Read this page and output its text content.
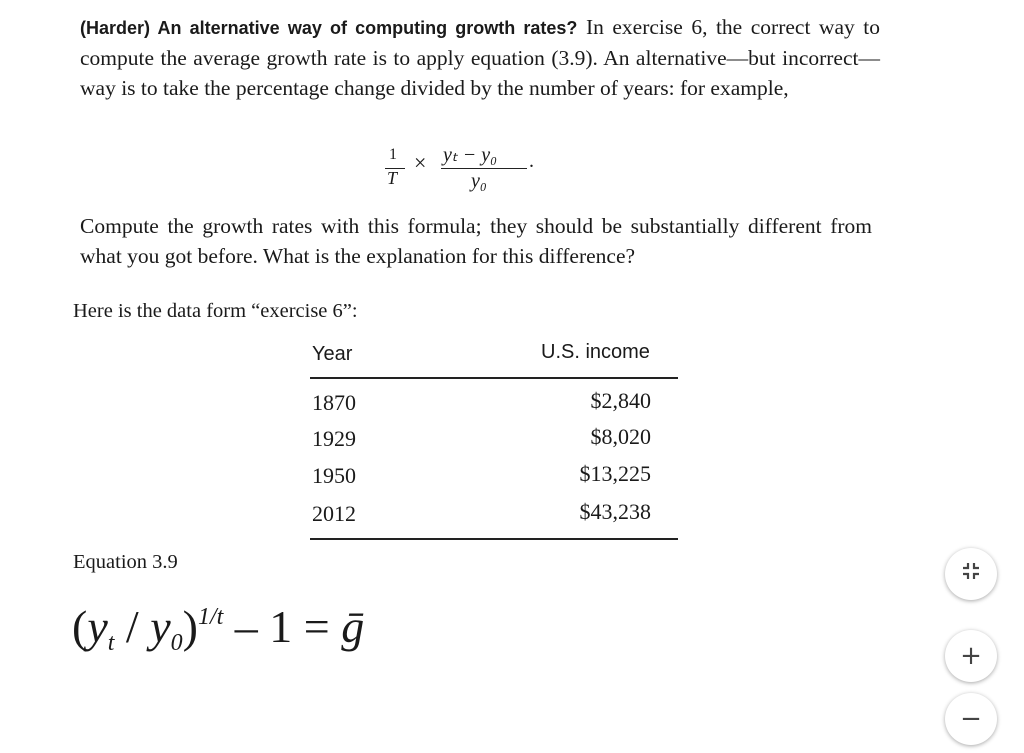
(Harder) An alternative way of computing growth rates? In exercise 6, the correct way to compute the average growth rate is to apply equation (3.9). An alternative—but incorrect—way is to take the percentage change divided by the number of years: for example,
1
T
× yₜ − y₀
y₀
.
Compute the growth rates with this formula; they should be substantially different from what you got before. What is the explanation for this difference?
Here is the data form “exercise 6”:
Year	U.S. income
1870	$2,840
1929	$8,020
1950	$13,225
2012	$43,238
Equation 3.9
$(y_t / y_0)^{1/t} - 1$ = ḡ
+
−
